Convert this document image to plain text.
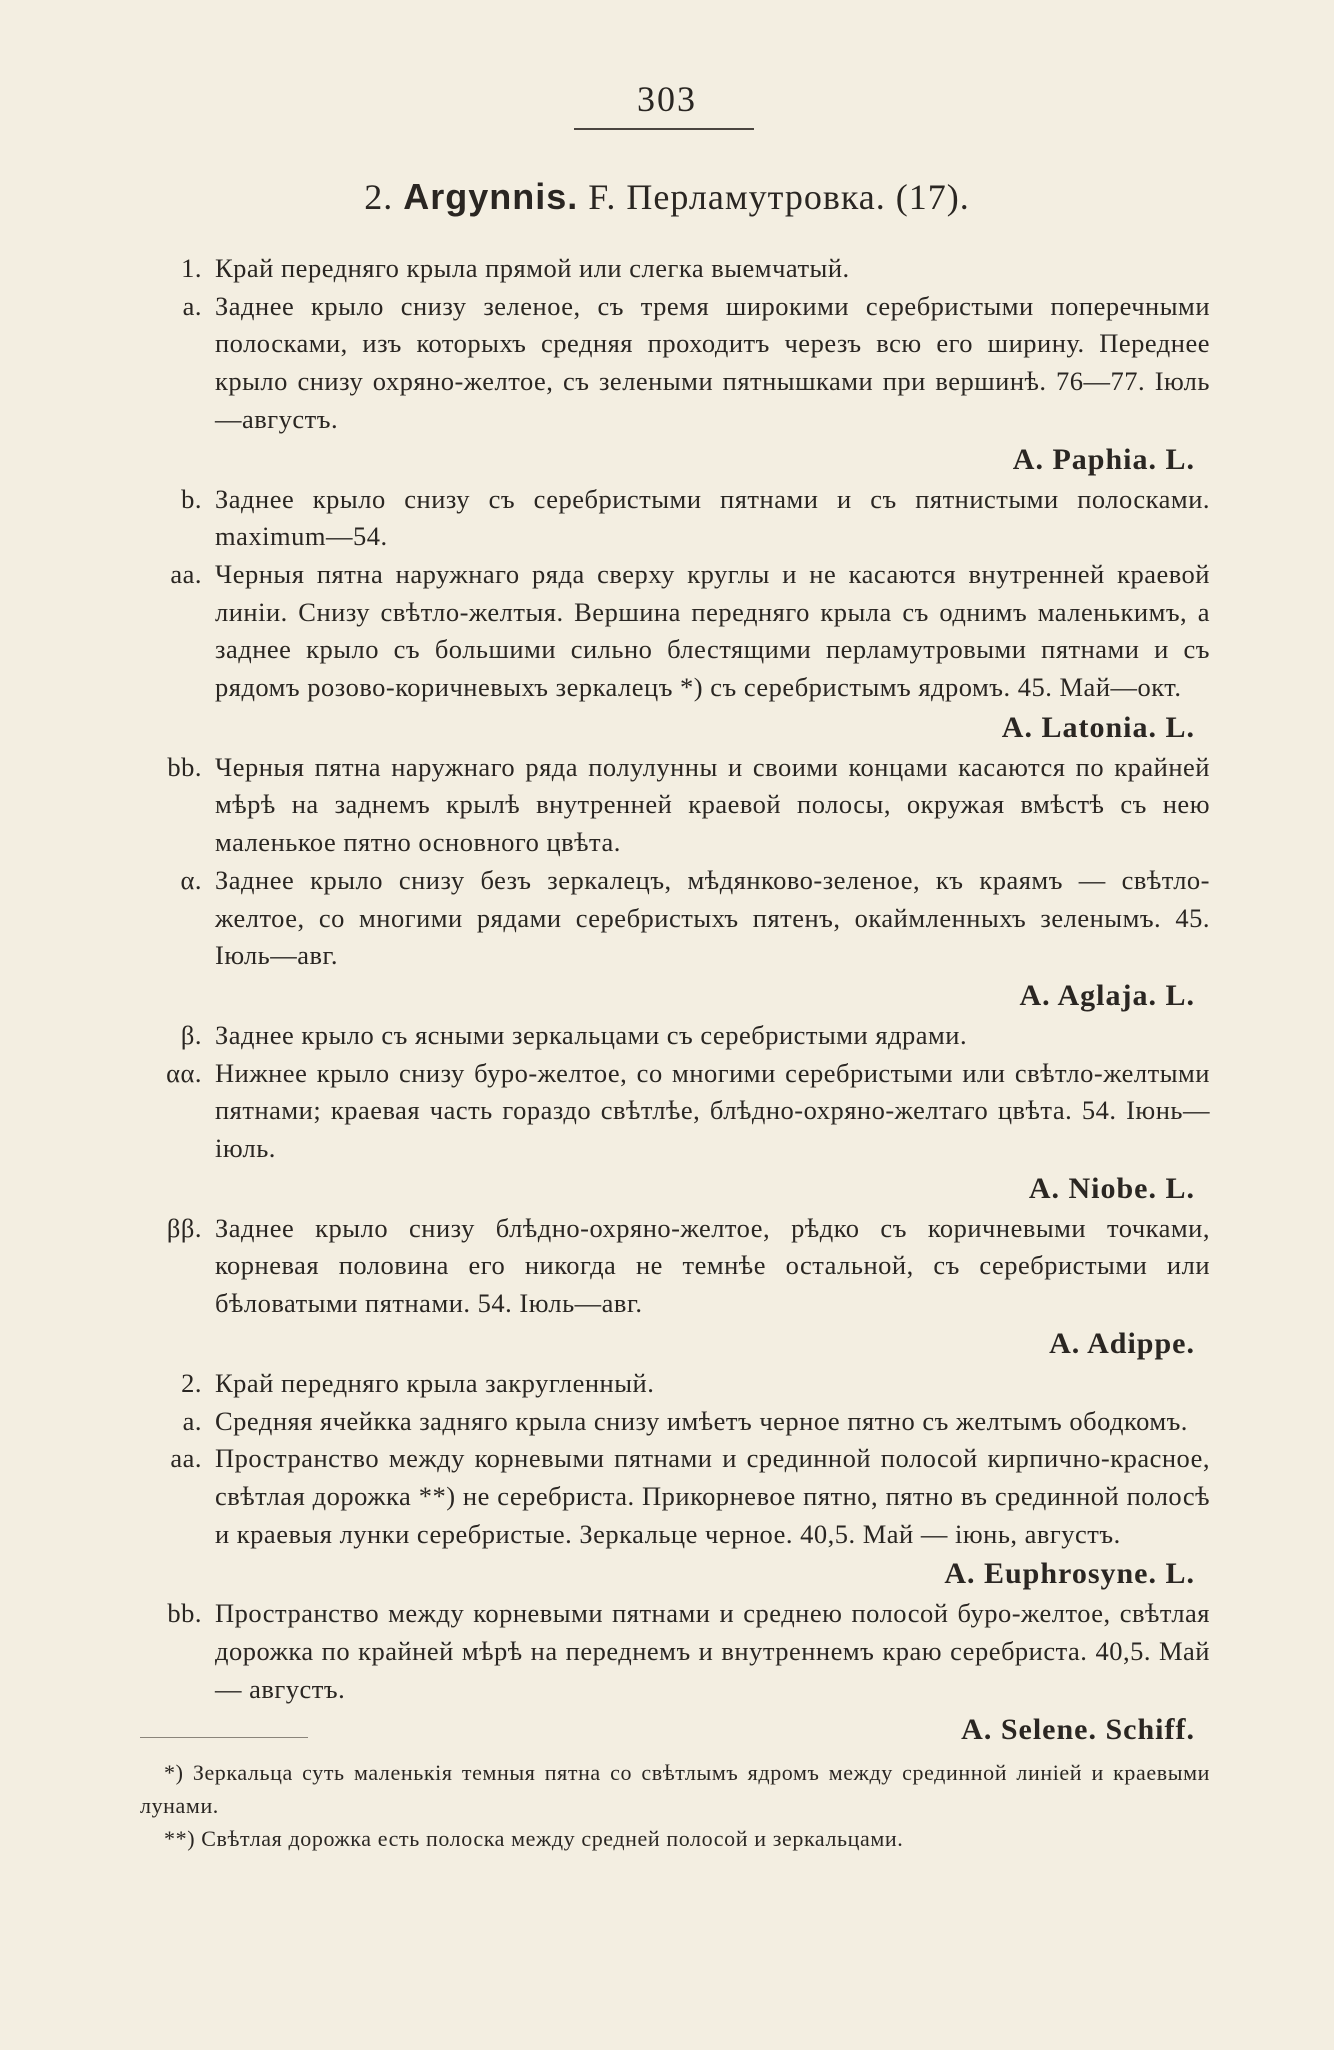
303
2. Argynnis. F. Перламутровка. (17).
1. Край передняго крыла прямой или слегка выемчатый.
a. Заднее крыло снизу зеленое, съ тремя широкими серебристыми поперечными полосками, изъ которыхъ средняя проходитъ черезъ всю его ширину. Переднее крыло снизу охряно-желтое, съ зелеными пятнышками при вершинѣ. 76—77. Іюль—августъ.
A. Paphia. L.
b. Заднее крыло снизу съ серебристыми пятнами и съ пятнистыми полосками. maximum—54.
aa. Черныя пятна наружнаго ряда сверху круглы и не касаются внутренней краевой линіи. Снизу свѣтло-желтыя. Вершина передняго крыла съ однимъ маленькимъ, а заднее крыло съ большими сильно блестящими перламутровыми пятнами и съ рядомъ розово-коричневыхъ зеркалецъ *) съ серебристымъ ядромъ. 45. Май—окт.
A. Latonia. L.
bb. Черныя пятна наружнаго ряда полулунны и своими концами касаются по крайней мѣрѣ на заднемъ крылѣ внутренней краевой полосы, окружая вмѣстѣ съ нею маленькое пятно основного цвѣта.
α. Заднее крыло снизу безъ зеркалецъ, мѣдянково-зеленое, къ краямъ — свѣтло-желтое, со многими рядами серебристыхъ пятенъ, окаймленныхъ зеленымъ. 45. Іюль—авг.
A. Aglaja. L.
β. Заднее крыло съ ясными зеркальцами съ серебристыми ядрами.
αα. Нижнее крыло снизу буро-желтое, со многими серебристыми или свѣтло-желтыми пятнами; краевая часть гораздо свѣтлѣе, блѣдно-охряно-желтаго цвѣта. 54. Іюнь—іюль.
A. Niobe. L.
ββ. Заднее крыло снизу блѣдно-охряно-желтое, рѣдко съ коричневыми точками, корневая половина его никогда не темнѣе остальной, съ серебристыми или бѣловатыми пятнами. 54. Іюль—авг.
A. Adippe.
2. Край передняго крыла закругленный.
a. Средняя ячейкка задняго крыла снизу имѣетъ черное пятно съ желтымъ ободкомъ.
aa. Пространство между корневыми пятнами и срединной полосой кирпично-красное, свѣтлая дорожка **) не серебриста. Прикорневое пятно, пятно въ срединной полосѣ и краевыя лунки серебристые. Зеркальце черное. 40,5. Май — іюнь, августъ.
A. Euphrosyne. L.
bb. Пространство между корневыми пятнами и среднею полосой буро-желтое, свѣтлая дорожка по крайней мѣрѣ на переднемъ и внутреннемъ краю серебриста. 40,5. Май — августъ.
A. Selene. Schiff.
*) Зеркальца суть маленькія темныя пятна со свѣтлымъ ядромъ между срединной линіей и краевыми лунами.
**) Свѣтлая дорожка есть полоска между средней полосой и зеркальцами.
